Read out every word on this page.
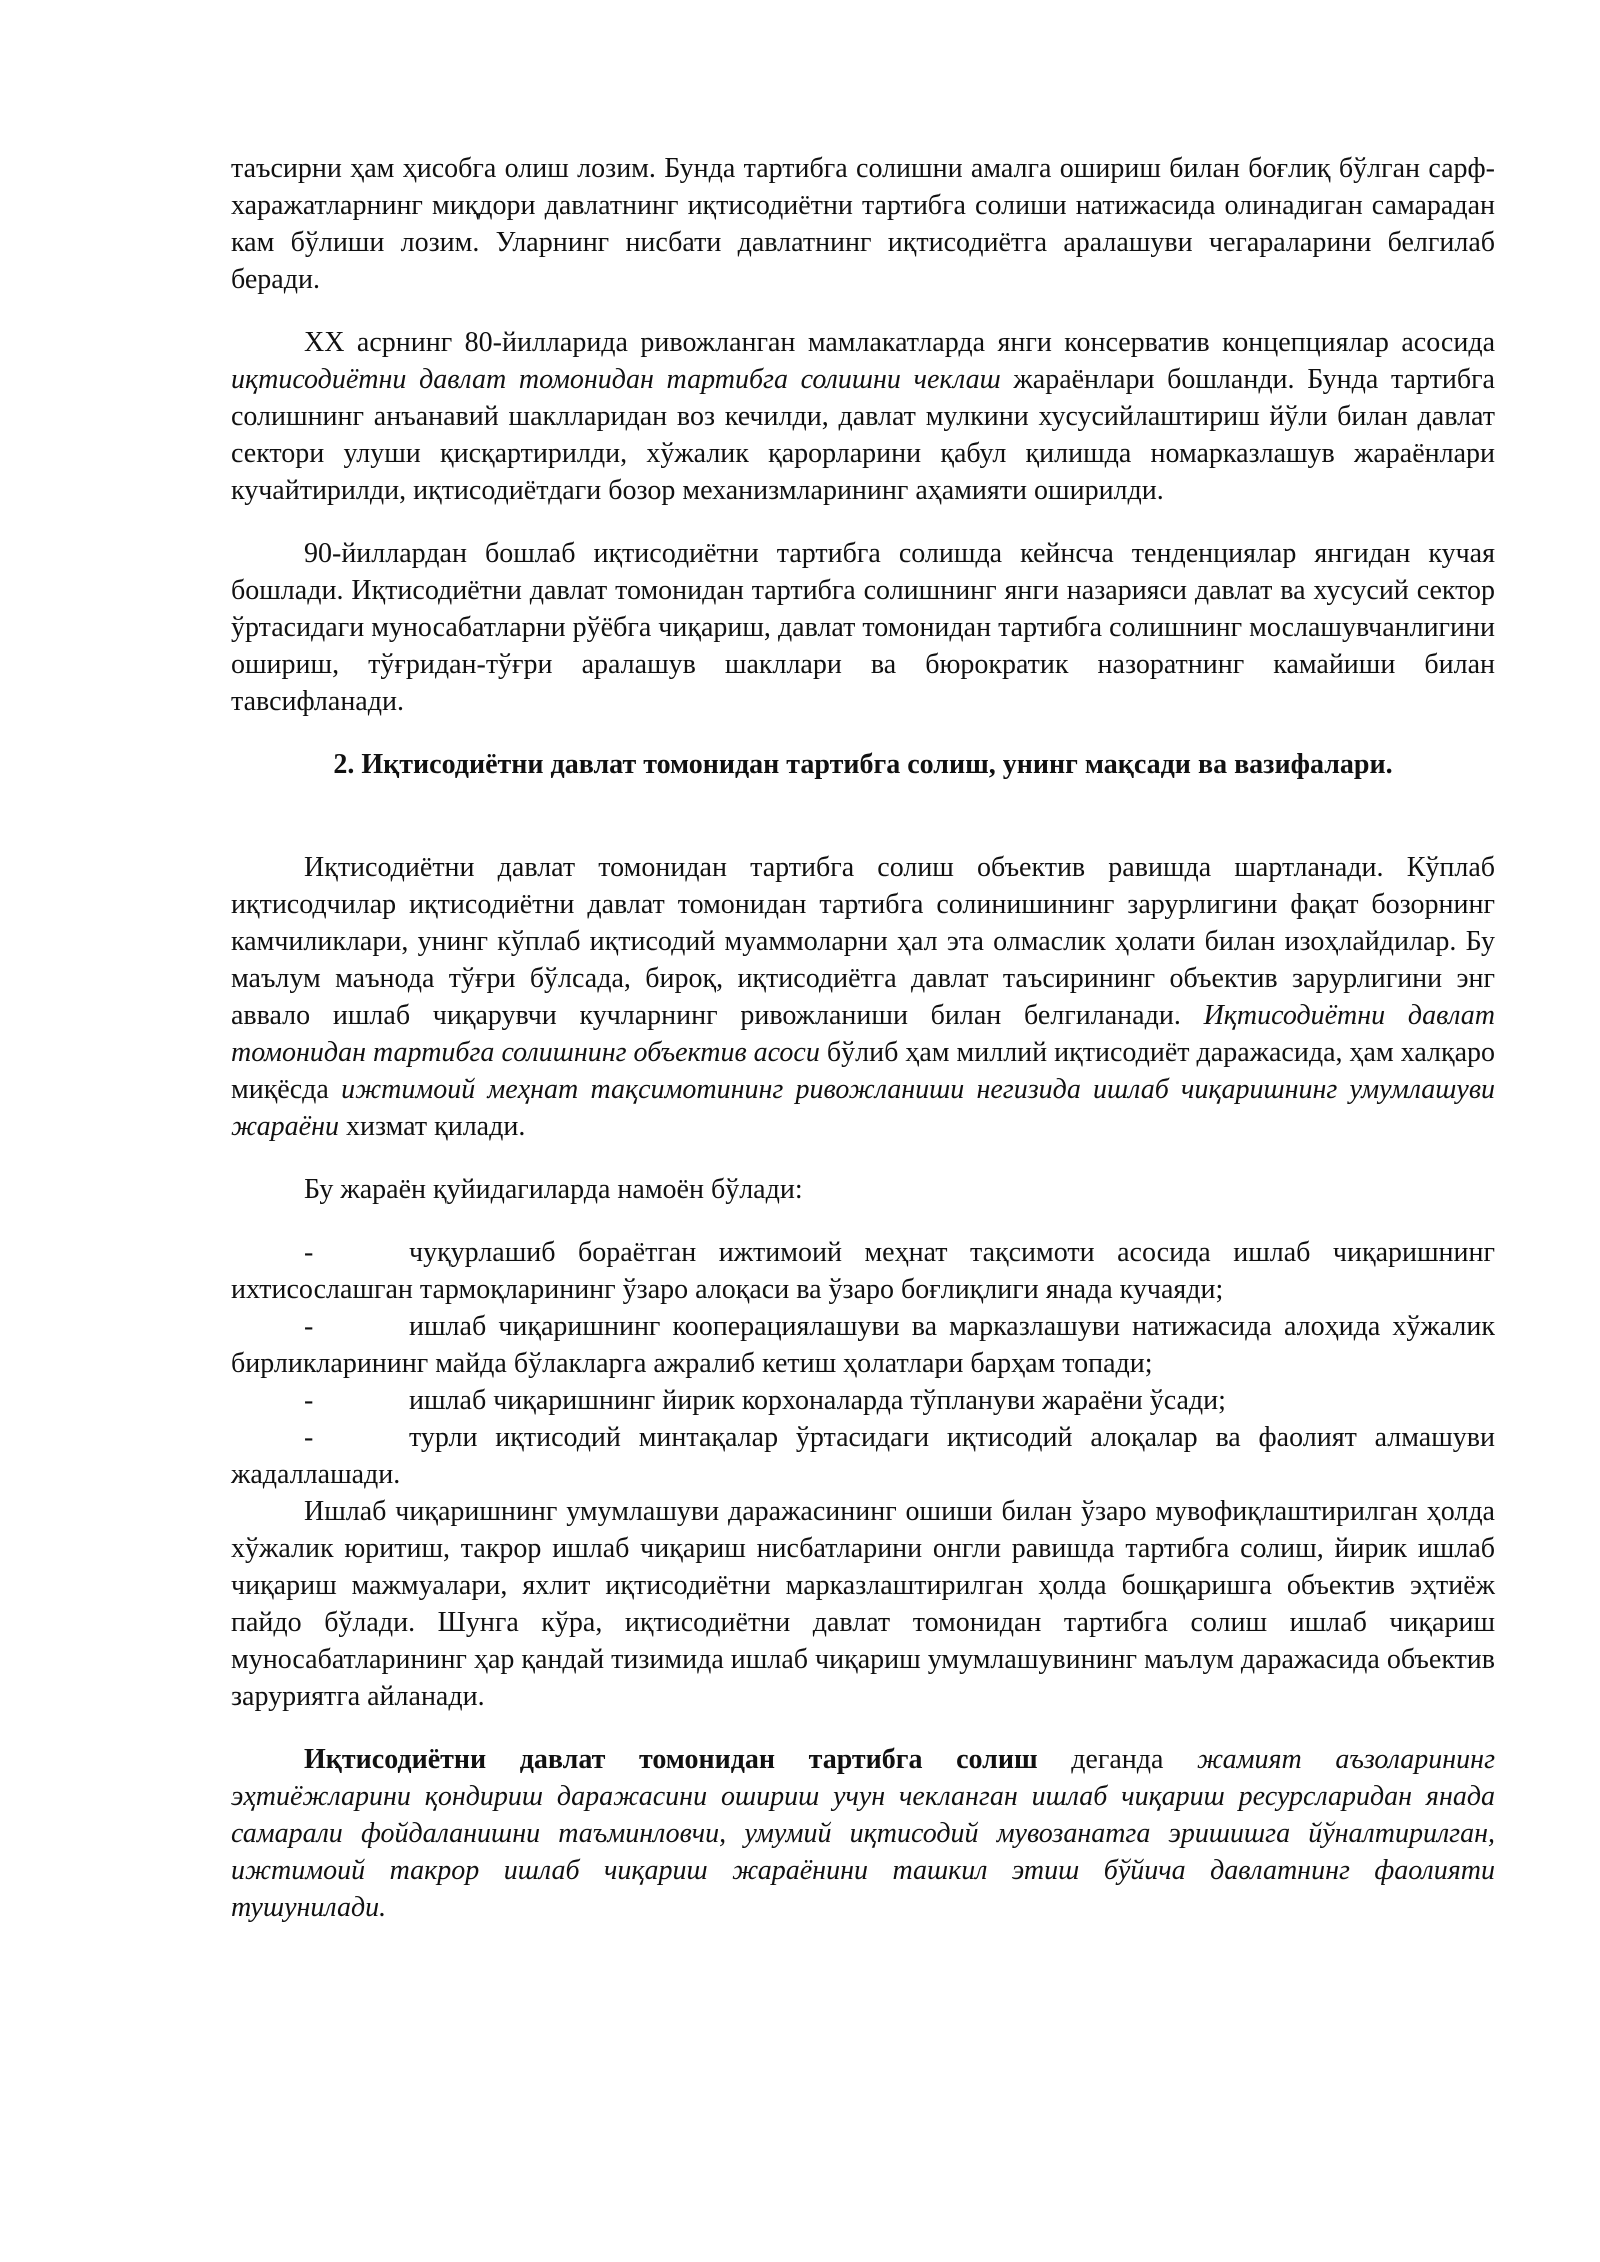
таъсирни ҳам ҳисобга олиш лозим. Бунда тартибга солишни амалга ошириш билан боғлиқ бўлган сарф-харажатларнинг миқдори давлатнинг иқтисодиётни тартибга солиши натижасида олинадиган самарадан кам бўлиши лозим. Уларнинг нисбати давлатнинг иқтисодиётга аралашуви чегараларини белгилаб беради.

XX асрнинг 80-йилларида ривожланган мамлакатларда янги консерватив концепциялар асосида иқтисодиётни давлат томонидан тартибга солишни чеклаш жараёнлари бошланди. Бунда тартибга солишнинг анъанавий шаклларидан воз кечилди, давлат мулкини хусусийлаштириш йўли билан давлат сектори улуши қисқартирилди, хўжалик қарорларини қабул қилишда номарказлашув жараёнлари кучайтирилди, иқтисодиётдаги бозор механизмларининг аҳамияти оширилди.

90-йиллардан бошлаб иқтисодиётни тартибга солишда кейнсча тенденциялар янгидан кучая бошлади. Иқтисодиётни давлат томонидан тартибга солишнинг янги назарияси давлат ва хусусий сектор ўртасидаги муносабатларни рўёбга чиқариш, давлат томонидан тартибга солишнинг мослашувчанлигини ошириш, тўғридан-тўғри аралашув шакллари ва бюрократик назоратнинг камайиши билан тавсифланади.

2. Иқтисодиётни давлат томонидан тартибга солиш, унинг мақсади ва вазифалари.

Иқтисодиётни давлат томонидан тартибга солиш объектив равишда шартланади. Кўплаб иқтисодчилар иқтисодиётни давлат томонидан тартибга солинишининг зарурлигини фақат бозорнинг камчиликлари, унинг кўплаб иқтисодий муаммоларни ҳал эта олмаслик ҳолати билан изоҳлайдилар. Бу маълум маънода тўғри бўлсада, бироқ, иқтисодиётга давлат таъсирининг объектив зарурлигини энг аввало ишлаб чиқарувчи кучларнинг ривожланиши билан белгиланади. Иқтисодиётни давлат томонидан тартибга солишнинг объектив асоси бўлиб ҳам миллий иқтисодиёт даражасида, ҳам халқаро миқёсда ижтимоий меҳнат тақсимотининг ривожланиши негизида ишлаб чиқаришнинг умумлашуви жараёни хизмат қилади.

Бу жараён қуйидагиларда намоён бўлади:

-	чуқурлашиб бораётган ижтимоий меҳнат тақсимоти асосида ишлаб чиқаришнинг ихтисослашган тармоқларининг ўзаро алоқаси ва ўзаро боғлиқлиги янада кучаяди;

-	ишлаб чиқаришнинг кооперациялашуви ва марказлашуви натижасида алоҳида хўжалик бирликларининг майда бўлакларга ажралиб кетиш ҳолатлари барҳам топади;

-	ишлаб чиқаришнинг йирик корхоналарда тўплануви жараёни ўсади;

-	турли иқтисодий минтақалар ўртасидаги иқтисодий алоқалар ва фаолият алмашуви жадаллашади.

Ишлаб чиқаришнинг умумлашуви даражасининг ошиши билан ўзаро мувофиқлаштирилган ҳолда хўжалик юритиш, такрор ишлаб чиқариш нисбатларини онгли равишда тартибга солиш, йирик ишлаб чиқариш мажмуалари, яхлит иқтисодиётни марказлаштирилган ҳолда бошқаришга объектив эҳтиёж пайдо бўлади. Шунга кўра, иқтисодиётни давлат томонидан тартибга солиш ишлаб чиқариш муносабатларининг ҳар қандай тизимида ишлаб чиқариш умумлашувининг маълум даражасида объектив заруриятга айланади.

Иқтисодиётни давлат томонидан тартибга солиш деганда жамият аъзоларининг эҳтиёжларини қондириш даражасини ошириш учун чекланган ишлаб чиқариш ресурсларидан янада самарали фойдаланишни таъминловчи, умумий иқтисодий мувозанатга эришишга йўналтирилган, ижтимоий такрор ишлаб чиқариш жараёнини ташкил этиш бўйича давлатнинг фаолияти тушунилади.
